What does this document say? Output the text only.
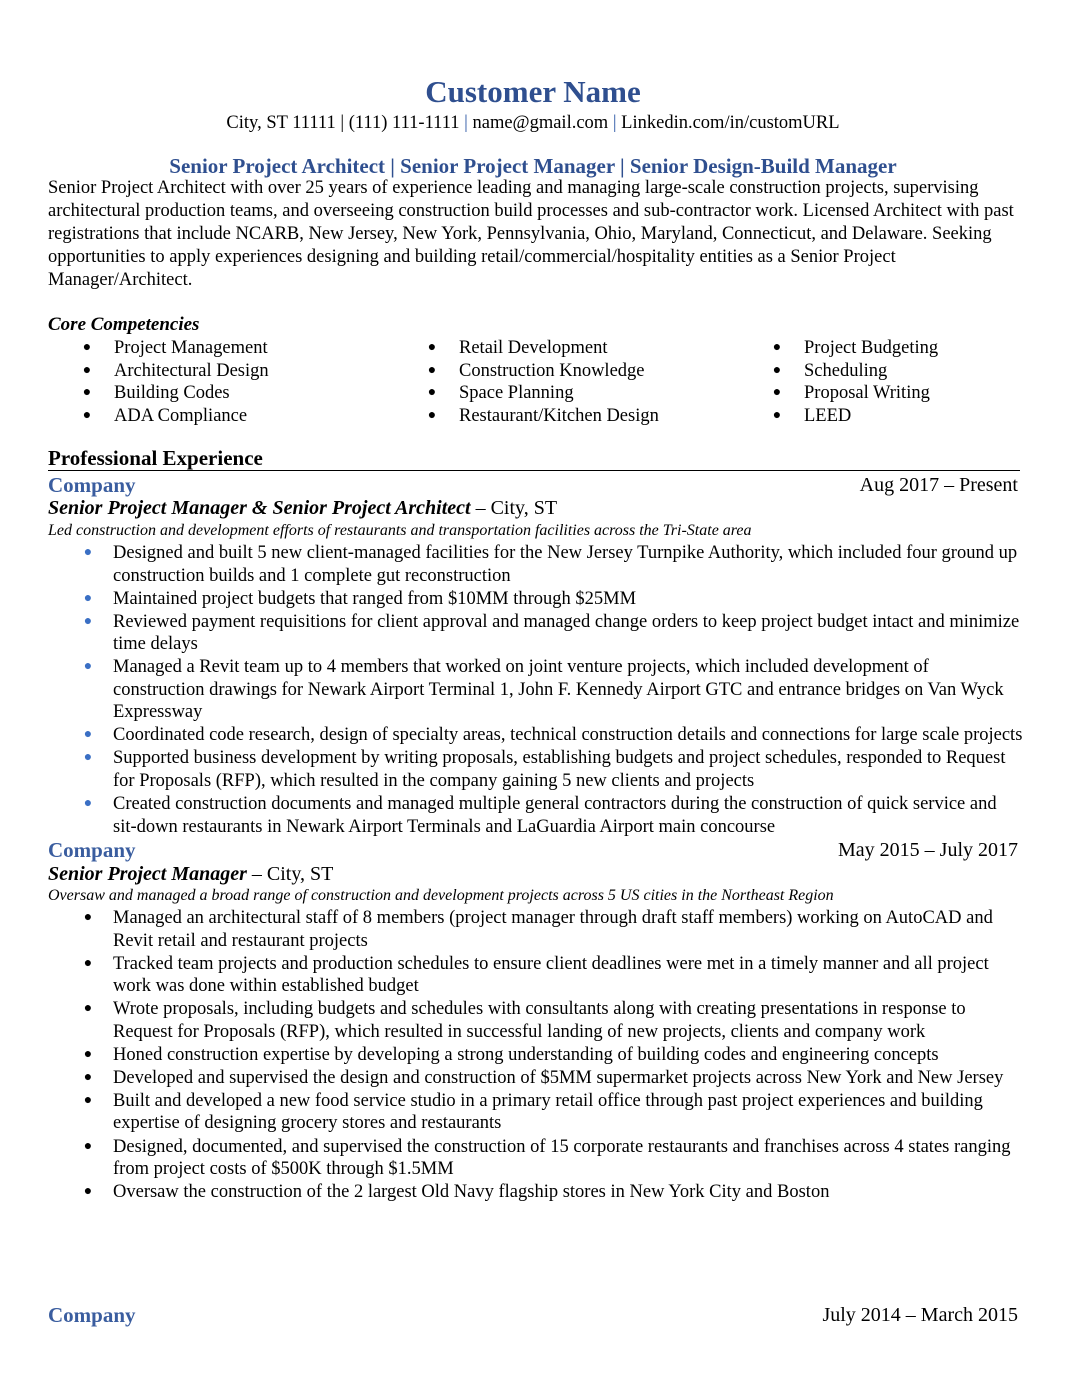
Customer Name
City, ST 11111 | (111) 111-1111 | name@gmail.com | Linkedin.com/in/customURL
Senior Project Architect | Senior Project Manager | Senior Design-Build Manager
Senior Project Architect with over 25 years of experience leading and managing large-scale construction projects, supervising architectural production teams, and overseeing construction build processes and sub-contractor work. Licensed Architect with past registrations that include NCARB, New Jersey, New York, Pennsylvania, Ohio, Maryland, Connecticut, and Delaware. Seeking opportunities to apply experiences designing and building retail/commercial/hospitality entities as a Senior Project Manager/Architect.
Core Competencies
● Project Management
● Architectural Design
● Building Codes
● ADA Compliance
● Retail Development
● Construction Knowledge
● Space Planning
● Restaurant/Kitchen Design
● Project Budgeting
● Scheduling
● Proposal Writing
● LEED
Professional Experience
Company	Aug 2017 – Present
Senior Project Manager & Senior Project Architect – City, ST
Led construction and development efforts of restaurants and transportation facilities across the Tri-State area
● Designed and built 5 new client-managed facilities for the New Jersey Turnpike Authority, which included four ground up construction builds and 1 complete gut reconstruction
● Maintained project budgets that ranged from $10MM through $25MM
● Reviewed payment requisitions for client approval and managed change orders to keep project budget intact and minimize time delays
● Managed a Revit team up to 4 members that worked on joint venture projects, which included development of construction drawings for Newark Airport Terminal 1, John F. Kennedy Airport GTC and entrance bridges on Van Wyck Expressway
● Coordinated code research, design of specialty areas, technical construction details and connections for large scale projects
● Supported business development by writing proposals, establishing budgets and project schedules, responded to Request for Proposals (RFP), which resulted in the company gaining 5 new clients and projects
● Created construction documents and managed multiple general contractors during the construction of quick service and sit-down restaurants in Newark Airport Terminals and LaGuardia Airport main concourse
Company	May 2015 – July 2017
Senior Project Manager – City, ST
Oversaw and managed a broad range of construction and development projects across 5 US cities in the Northeast Region
● Managed an architectural staff of 8 members (project manager through draft staff members) working on AutoCAD and Revit retail and restaurant projects
● Tracked team projects and production schedules to ensure client deadlines were met in a timely manner and all project work was done within established budget
● Wrote proposals, including budgets and schedules with consultants along with creating presentations in response to Request for Proposals (RFP), which resulted in successful landing of new projects, clients and company work
● Honed construction expertise by developing a strong understanding of building codes and engineering concepts
● Developed and supervised the design and construction of $5MM supermarket projects across New York and New Jersey
● Built and developed a new food service studio in a primary retail office through past project experiences and building expertise of designing grocery stores and restaurants
● Designed, documented, and supervised the construction of 15 corporate restaurants and franchises across 4 states ranging from project costs of $500K through $1.5MM
● Oversaw the construction of the 2 largest Old Navy flagship stores in New York City and Boston
Company	July 2014 – March 2015
